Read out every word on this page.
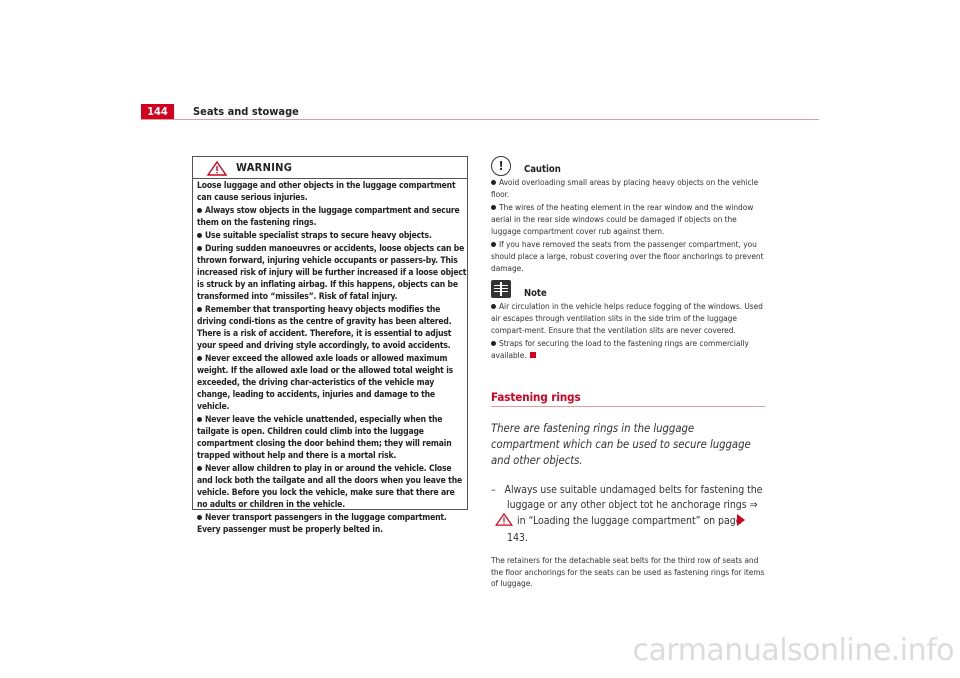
144	Seats and stowage
WARNING

Loose luggage and other objects in the luggage compartment can cause serious injuries.

Always stow objects in the luggage compartment and secure them on the fastening rings.

Use suitable specialist straps to secure heavy objects.

During sudden manoeuvres or accidents, loose objects can be thrown forward, injuring vehicle occupants or passers-by. This increased risk of injury will be further increased if a loose object is struck by an inflating airbag. If this happens, objects can be transformed into “missiles”. Risk of fatal injury.

Remember that transporting heavy objects modifies the driving condi-tions as the centre of gravity has been altered. There is a risk of accident. Therefore, it is essential to adjust your speed and driving style accordingly, to avoid accidents.

Never exceed the allowed axle loads or allowed maximum weight. If the allowed axle load or the allowed total weight is exceeded, the driving char-acteristics of the vehicle may change, leading to accidents, injuries and damage to the vehicle.

Never leave the vehicle unattended, especially when the tailgate is open. Children could climb into the luggage compartment closing the door behind them; they will remain trapped without help and there is a mortal risk.

Never allow children to play in or around the vehicle. Close and lock both the tailgate and all the doors when you leave the vehicle. Before you lock the vehicle, make sure that there are no adults or children in the vehicle.

Never transport passengers in the luggage compartment. Every passenger must be properly belted in.

!	Caution

Avoid overloading small areas by placing heavy objects on the vehicle floor.

The wires of the heating element in the rear window and the window aerial in the rear side windows could be damaged if objects on the luggage compartment cover rub against them.

If you have removed the seats from the passenger compartment, you should place a large, robust covering over the floor anchorings to prevent damage.

Note

Air circulation in the vehicle helps reduce fogging of the windows. Used air escapes through ventilation slits in the side trim of the luggage compart-ment. Ensure that the ventilation slits are never covered.

Straps for securing the load to the fastening rings are commercially available.

Fastening rings
There are fastening rings in the luggage compartment which can be used to secure luggage and other objects.
– Always use suitable undamaged belts for fastening the luggage or any other object tot he anchorage rings ⇒in “Loading the luggage compartment” on page 143.
The retainers for the detachable seat belts for the third row of seats and the floor anchorings for the seats can be used as fastening rings for items of luggage.
carmanualsonline.info
